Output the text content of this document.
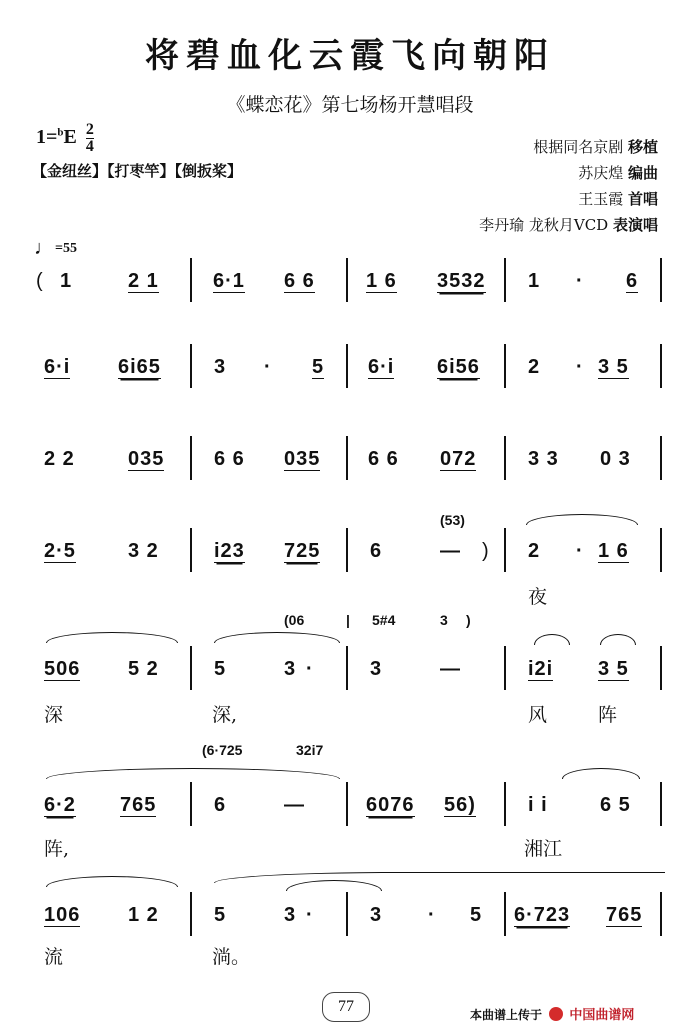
将碧血化云霞飞向朝阳
《蝶恋花》第七场杨开慧唱段
根据同名京剧 移植
苏庆煌 编曲
王玉霞 首唱
李丹瑜 龙秋月VCD 表演唱
$1=^bE \frac{2}{4}$
【金纽丝】【打枣竿】【倒扳桨】
♩=55
( 1	2 1	6·1 6 6	1 6 3532 1 · 6
6·i 6i65	3 · 5 6·i 6i56 2 · 3 5
2 2	035 6 6 035 6 6 072	3 3 0 3
(53)
2·5	3 2	i23 725 6	— ) 2 · 1 6
夜
(06	| 5#4	3 )
506 5 2	5	3 ·	3	—	i2i 3 5
深	深,	风	阵
(6·725	32i7
6·2 765	6	—	6076 56)	i i	6 5
阵,	湘江
106 1 2	5	3 ·	3 · 5 6·723 765
流	淌。
77	本曲谱上传于 中国曲谱网
